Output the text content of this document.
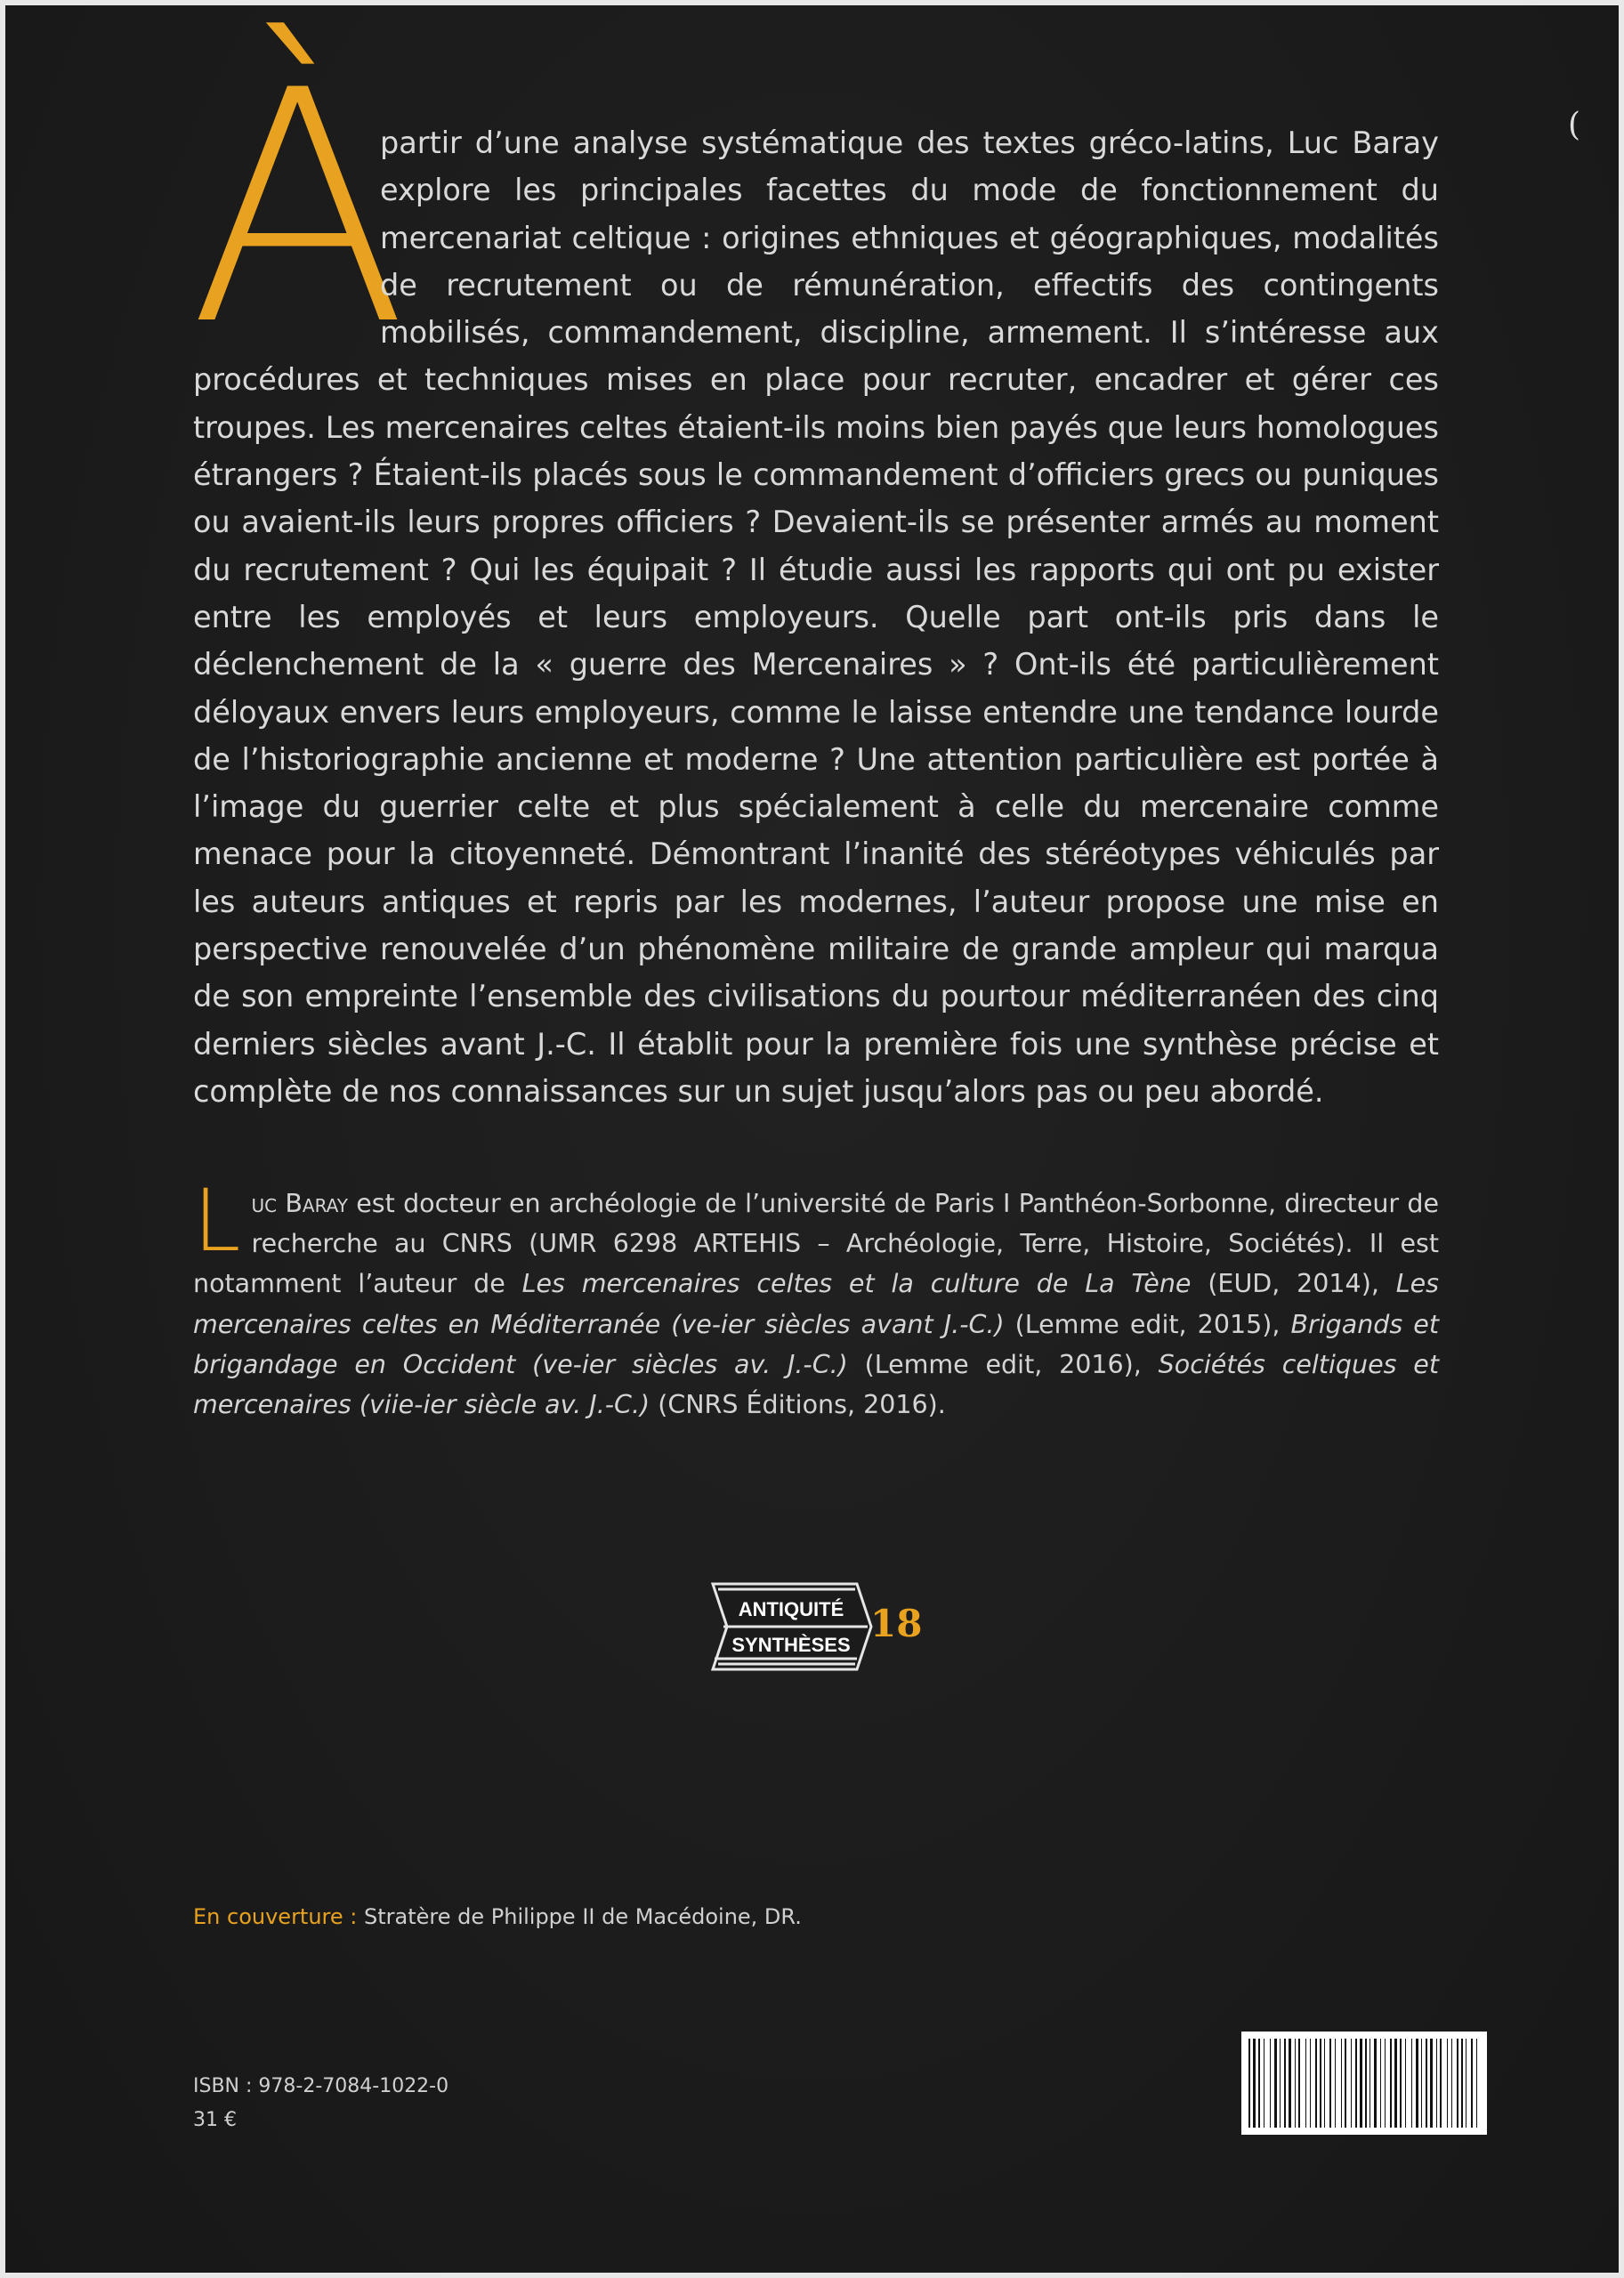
À

partir d’une analyse systématique des textes gréco-latins, Luc Baray explore les principales facettes du mode de fonctionnement du mercenariat celtique : origines ethniques et géographiques, modalités de recrutement ou de rémunération, effectifs des contingents mobilisés, commandement, discipline, armement. Il s’intéresse aux procédures et techniques mises en place pour recruter, encadrer et gérer ces troupes. Les mercenaires celtes étaient-ils moins bien payés que leurs homologues étrangers ? Étaient-ils placés sous le commandement d’officiers grecs ou puniques ou avaient-ils leurs propres officiers ? Devaient-ils se présenter armés au moment du recrutement ? Qui les équipait ? Il étudie aussi les rapports qui ont pu exister entre les employés et leurs employeurs. Quelle part ont-ils pris dans le déclenchement de la « guerre des Mercenaires » ? Ont-ils été particulièrement déloyaux envers leurs employeurs, comme le laisse entendre une tendance lourde de l’historiographie ancienne et moderne ? Une attention particulière est portée à l’image du guerrier celte et plus spécialement à celle du mercenaire comme menace pour la citoyenneté. Démontrant l’inanité des stéréotypes véhiculés par les auteurs antiques et repris par les modernes, l’auteur propose une mise en perspective renouvelée d’un phénomène militaire de grande ampleur qui marqua de son empreinte l’ensemble des civilisations du pourtour méditerranéen des cinq derniers siècles avant J.-C. Il établit pour la première fois une synthèse précise et complète de nos connaissances sur un sujet jusqu’alors pas ou peu abordé.

Luc Baray est docteur en archéologie de l’université de Paris I Panthéon-Sorbonne, directeur de recherche au CNRS (UMR 6298 ARTEHIS – Archéologie, Terre, Histoire, Sociétés). Il est notamment l’auteur de Les mercenaires celtes et la culture de La Tène (EUD, 2014), Les mercenaires celtes en Méditerranée (ve-ier siècles avant J.-C.) (Lemme edit, 2015), Brigands et brigandage en Occident (ve-ier siècles av. J.-C.) (Lemme edit, 2016), Sociétés celtiques et mercenaires (viie-ier siècle av. J.-C.) (CNRS Éditions, 2016).
ANTIQUITÉ
SYNTHÈSES 18
En couverture : Stratère de Philippe II de Macédoine, DR.
ISBN : 978-2-7084-1022-0
31 €
(
